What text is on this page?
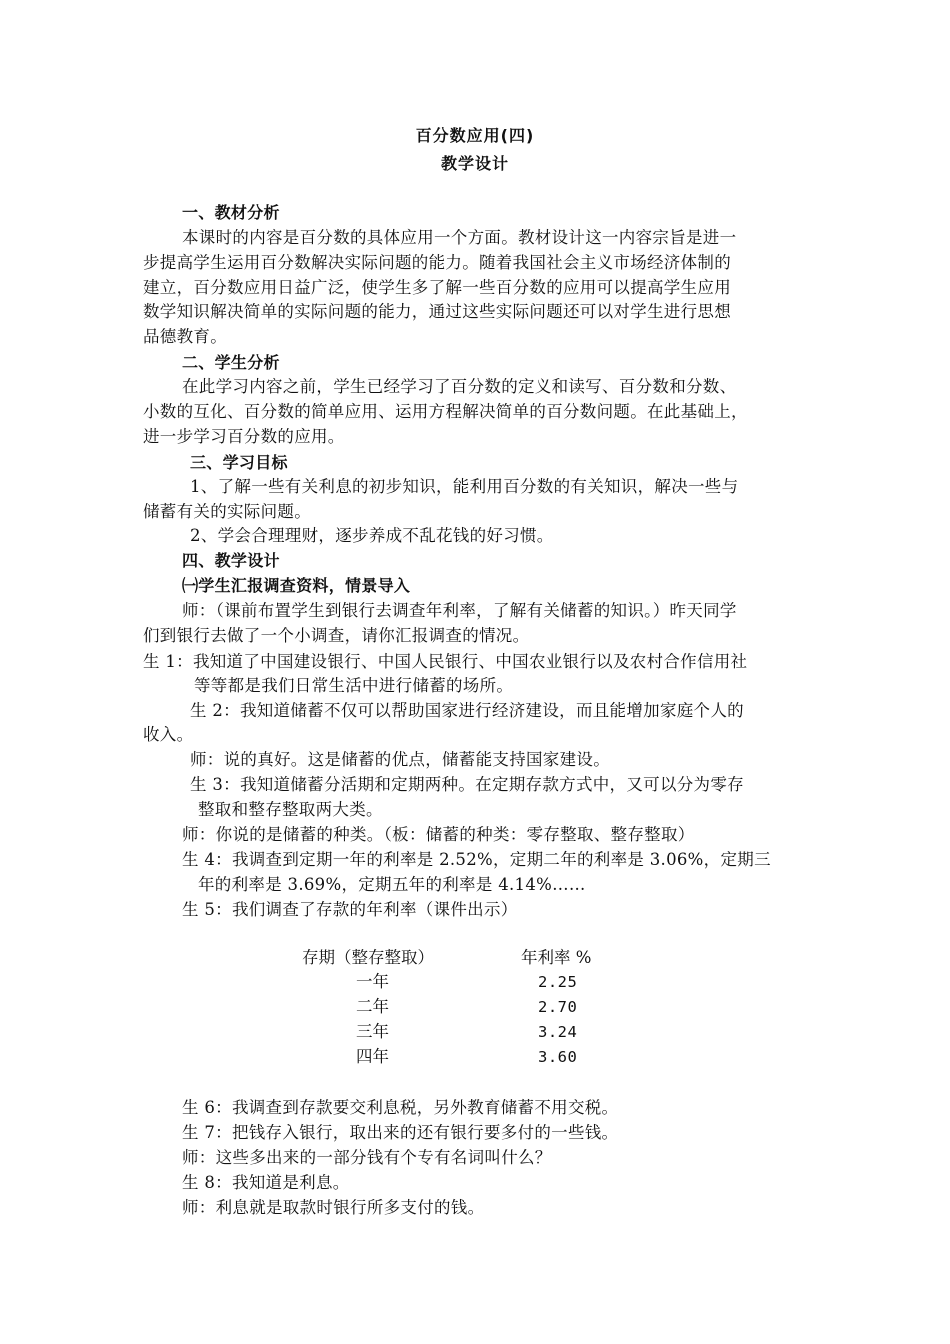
百分数应用(四)
教学设计
一、教材分析
本课时的内容是百分数的具体应用一个方面。教材设计这一内容宗旨是进一
步提高学生运用百分数解决实际问题的能力。随着我国社会主义市场经济体制的
建立，百分数应用日益广泛，使学生多了解一些百分数的应用可以提高学生应用
数学知识解决简单的实际问题的能力，通过这些实际问题还可以对学生进行思想
品德教育。
二、学生分析
在此学习内容之前，学生已经学习了百分数的定义和读写、百分数和分数、
小数的互化、百分数的简单应用、运用方程解决简单的百分数问题。在此基础上，
进一步学习百分数的应用。
三、学习目标
1、了解一些有关利息的初步知识，能利用百分数的有关知识，解决一些与
储蓄有关的实际问题。
2、学会合理理财，逐步养成不乱花钱的好习惯。
四、教学设计
㈠学生汇报调查资料，情景导入
师：（课前布置学生到银行去调查年利率，了解有关储蓄的知识。）昨天同学
们到银行去做了一个小调查，请你汇报调查的情况。
生 1：我知道了中国建设银行、中国人民银行、中国农业银行以及农村合作信用社
等等都是我们日常生活中进行储蓄的场所。
生 2：我知道储蓄不仅可以帮助国家进行经济建设，而且能增加家庭个人的
收入。
师：说的真好。这是储蓄的优点，储蓄能支持国家建设。
生 3：我知道储蓄分活期和定期两种。在定期存款方式中，又可以分为零存
整取和整存整取两大类。
师：你说的是储蓄的种类。（板：储蓄的种类：零存整取、整存整取）
生 4：我调查到定期一年的利率是 2.52%，定期二年的利率是 3.06%，定期三
年的利率是 3.69%，定期五年的利率是 4.14%……
生 5：我们调查了存款的年利率（课件出示）
存期（整存整取）	年利率 %
一年	2.25
二年	2.70
三年	3.24
四年	3.60
生 6：我调查到存款要交利息税，另外教育储蓄不用交税。
生 7：把钱存入银行，取出来的还有银行要多付的一些钱。
师：这些多出来的一部分钱有个专有名词叫什么？
生 8：我知道是利息。
师：利息就是取款时银行所多支付的钱。
